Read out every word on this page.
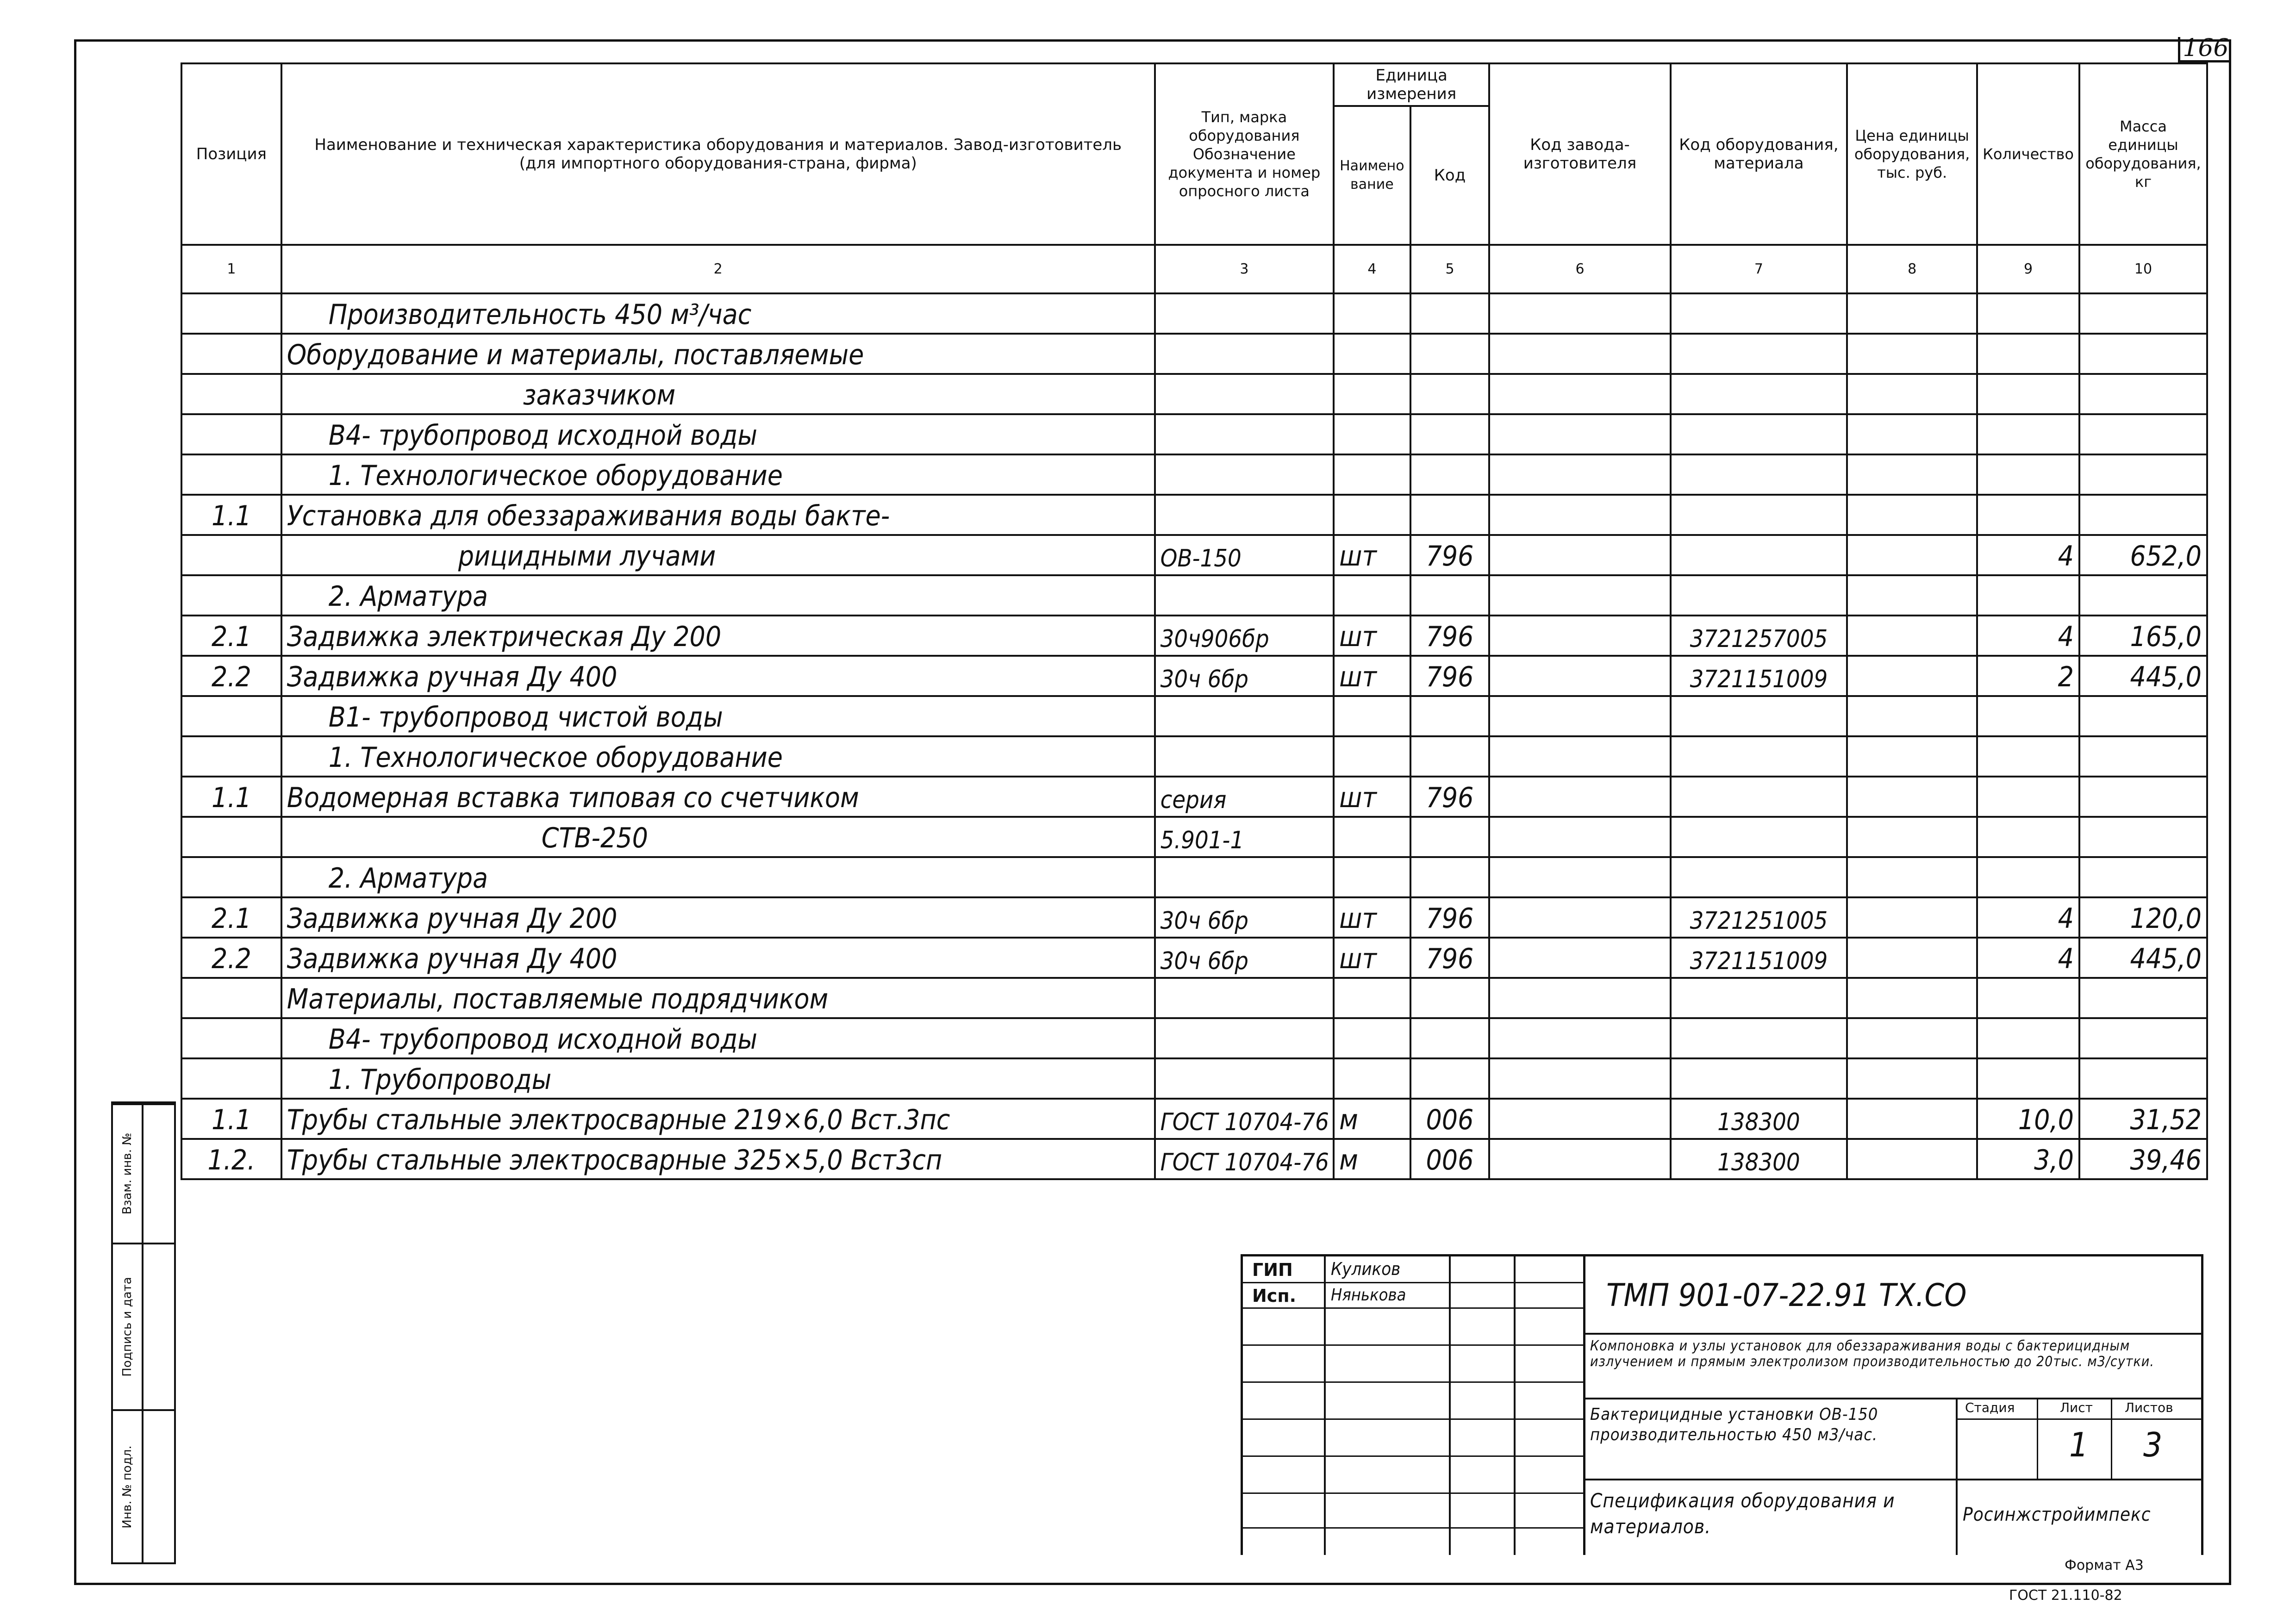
166
Позиция	Наименование и техническая характеристика оборудования и материалов. Завод-изготовитель (для импортного оборудования-страна, фирма)	Тип, марка оборудования Обозначение документа и номер опросного листа	Единица измерения		Код завода-изготовителя	Код оборудования, материала	Цена единицы оборудования, тыс. руб.	Количество	Масса единицы оборудования, кг
			Наименование	Код					
1	2	3	4	5	6	7	8	9	10
	Производительность 450 м³/час								
	Оборудование и материалы, поставляемые								
	заказчиком								
	В4- трубопровод исходной воды								
	1. Технологическое оборудование								
1.1	Установка для обеззараживания воды бакте-								
	рицидными лучами	ОВ-150	шт	796				4	652,0
	2. Арматура								
2.1	Задвижка электрическая Ду 200	30ч906бр	шт	796		3721257005		4	165,0
2.2	Задвижка ручная Ду 400	30ч 6бр	шт	796		3721151009		2	445,0
	В1- трубопровод чистой воды								
	1. Технологическое оборудование								
1.1	Водомерная вставка типовая со счетчиком	серия	шт	796					
	СТВ-250	5.901-1							
	2. Арматура								
2.1	Задвижка ручная Ду 200	30ч 6бр	шт	796		3721251005		4	120,0
2.2	Задвижка ручная Ду 400	30ч 6бр	шт	796		3721151009		4	445,0
	Материалы, поставляемые подрядчиком								
	В4- трубопровод исходной воды								
	1. Трубопроводы								
1.1	Трубы стальные электросварные 219×6,0 Вст.3пс	ГОСТ 10704-76	м	006		138300		10,0	31,52
1.2.	Трубы стальные электросварные 325×5,0 Вст3сп	ГОСТ 10704-76	м	006		138300		3,0	39,46
Инв. № подл.
Подпись и дата
Взам. инв. №
ГИП Куликов
Исп. Нянькова	ТМП 901-07-22.91 ТХ.СО
Компоновка и узлы установок для обеззараживания воды с бактерицидным излучением и прямым электролизом производительностью до 20тыс. м3/сутки.
Бактерицидные установки ОВ-150 производительностью 450 м3/час.
Стадия	Лист Листов
1 3
Спецификация оборудования и материалов.
Росинжстройимпекс
Формат А3
ГОСТ 21.110-82
